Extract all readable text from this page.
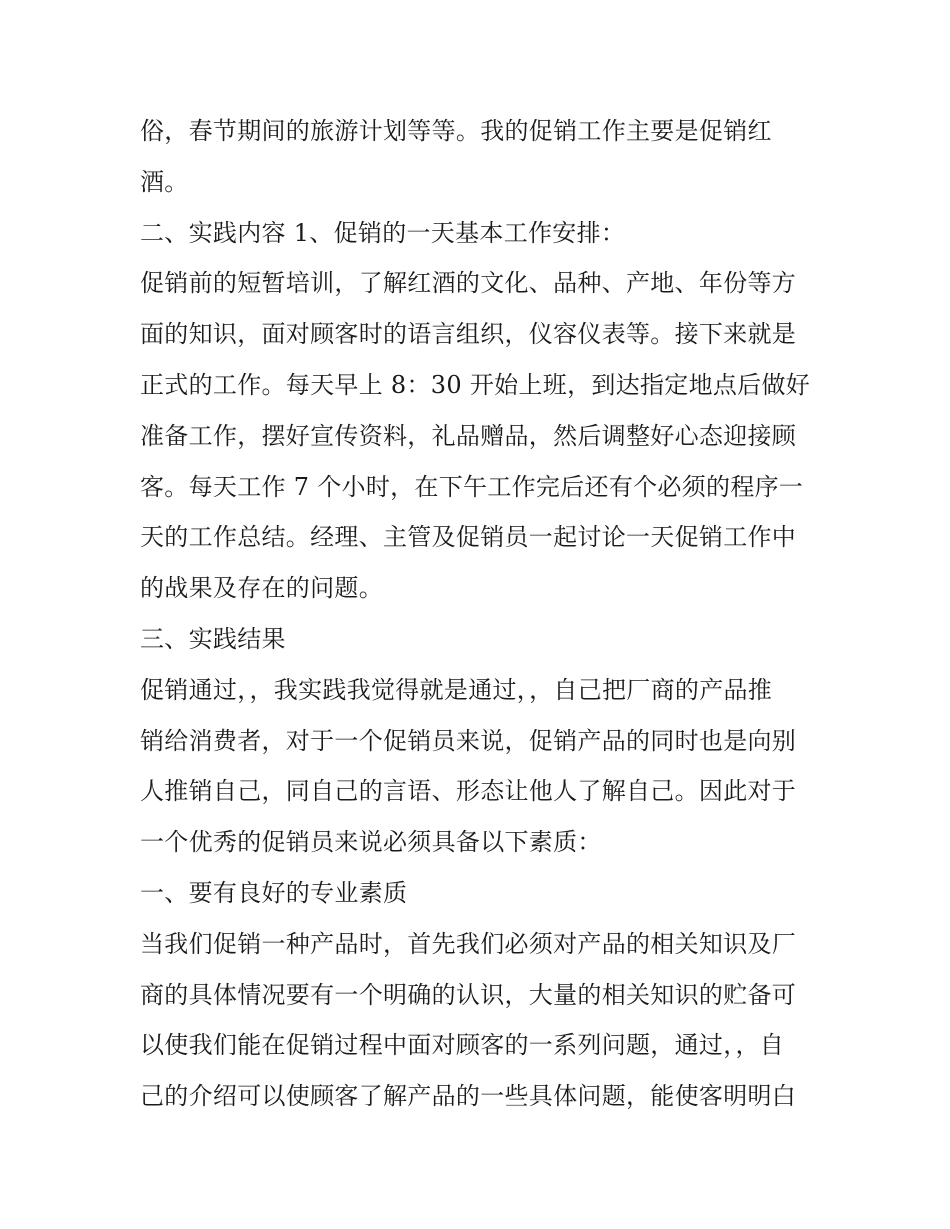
俗，春节期间的旅游计划等等。我的促销工作主要是促销红
酒。
二、实践内容 1、促销的一天基本工作安排：
促销前的短暂培训，了解红酒的文化、品种、产地、年份等方
面的知识，面对顾客时的语言组织，仪容仪表等。接下来就是
正式的工作。每天早上 8：30 开始上班，到达指定地点后做好
准备工作，摆好宣传资料，礼品赠品，然后调整好心态迎接顾
客。每天工作 7 个小时，在下午工作完后还有个必须的程序一
天的工作总结。经理、主管及促销员一起讨论一天促销工作中
的战果及存在的问题。
三、实践结果
促销通过，，我实践我觉得就是通过，，自己把厂商的产品推
销给消费者，对于一个促销员来说，促销产品的同时也是向别
人推销自己，同自己的言语、形态让他人了解自己。因此对于
一个优秀的促销员来说必须具备以下素质：
一、要有良好的专业素质
当我们促销一种产品时，首先我们必须对产品的相关知识及厂
商的具体情况要有一个明确的认识，大量的相关知识的贮备可
以使我们能在促销过程中面对顾客的一系列问题，通过，，自
己的介绍可以使顾客了解产品的一些具体问题，能使客明明白
